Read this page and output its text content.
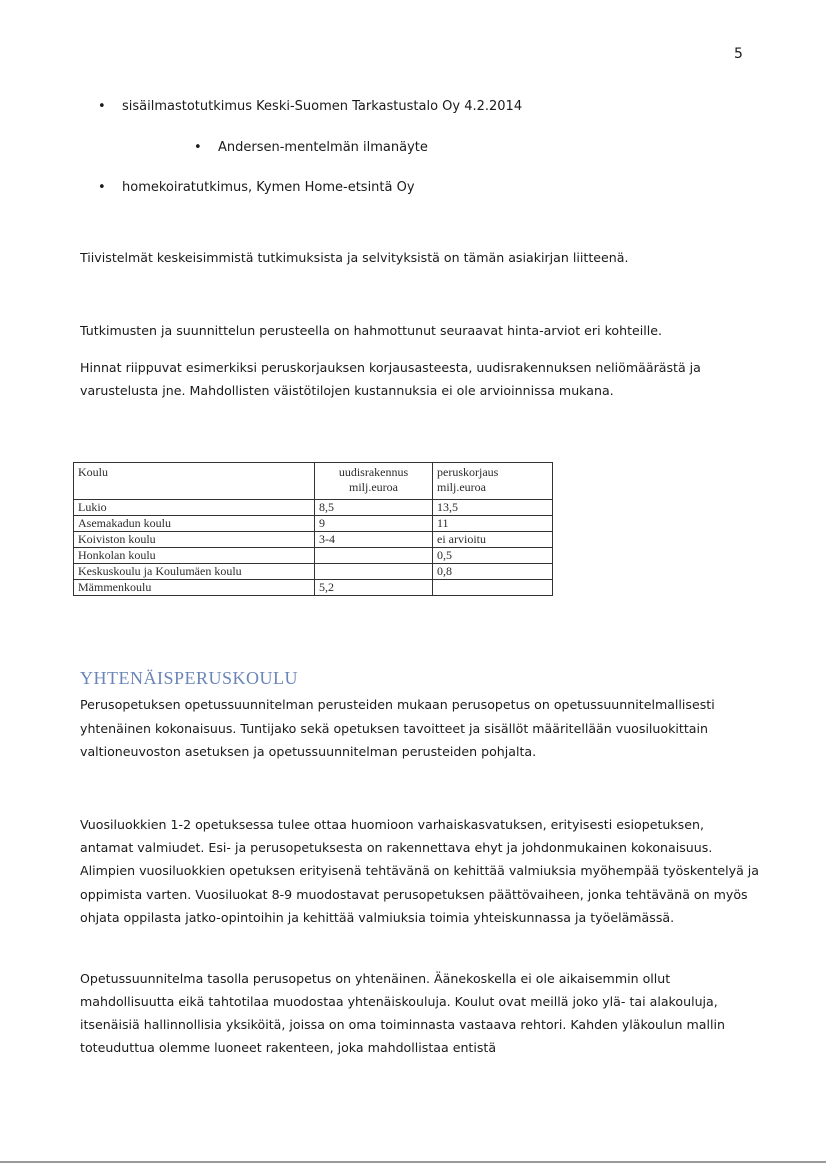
5
• sisäilmastotutkimus Keski-Suomen Tarkastustalo Oy 4.2.2014
• Andersen-mentelmän ilmanäyte
• homekoiratutkimus, Kymen Home-etsintä Oy

Tiivistelmät keskeisimmistä tutkimuksista ja selvityksistä on tämän asiakirjan liitteenä.

Tutkimusten ja suunnittelun perusteella on hahmottunut seuraavat hinta-arviot eri kohteille.

Hinnat riippuvat esimerkiksi peruskorjauksen korjausasteesta, uudisrakennuksen neliömäärästä ja varustelusta jne. Mahdollisten väistötilojen kustannuksia ei ole arvioinnissa mukana.

Koulu	uudisrakennus milj.euroa	peruskorjaus milj.euroa
Lukio	8,5	13,5
Asemakadun koulu	9	11
Koiviston koulu	3-4	ei arvioitu
Honkolan koulu		0,5
Keskuskoulu ja Koulumäen koulu		0,8
Mämmenkoulu	5,2	
YHTENÄISPERUSKOULU

Perusopetuksen opetussuunnitelman perusteiden mukaan perusopetus on opetussuunnitelmallisesti yhtenäinen kokonaisuus. Tuntijako sekä opetuksen tavoitteet ja sisällöt määritellään vuosiluokittain valtioneuvoston asetuksen ja opetussuunnitelman perusteiden pohjalta.

Vuosiluokkien 1-2 opetuksessa tulee ottaa huomioon varhaiskasvatuksen, erityisesti esiopetuksen, antamat valmiudet. Esi- ja perusopetuksesta on rakennettava ehyt ja johdonmukainen kokonaisuus. Alimpien vuosiluokkien opetuksen erityisenä tehtävänä on kehittää valmiuksia myöhempää työskentelyä ja oppimista varten. Vuosiluokat 8-9 muodostavat perusopetuksen päättövaiheen, jonka tehtävänä on myös ohjata oppilasta jatko-opintoihin ja kehittää valmiuksia toimia yhteiskunnassa ja työelämässä.

Opetussuunnitelma tasolla perusopetus on yhtenäinen. Äänekoskella ei ole aikaisemmin ollut mahdollisuutta eikä tahtotilaa muodostaa yhtenäiskouluja. Koulut ovat meillä joko ylä- tai alakouluja, itsenäisiä hallinnollisia yksiköitä, joissa on oma toiminnasta vastaava rehtori. Kahden yläkoulun mallin toteuduttua olemme luoneet rakenteen, joka mahdollistaa entistä
